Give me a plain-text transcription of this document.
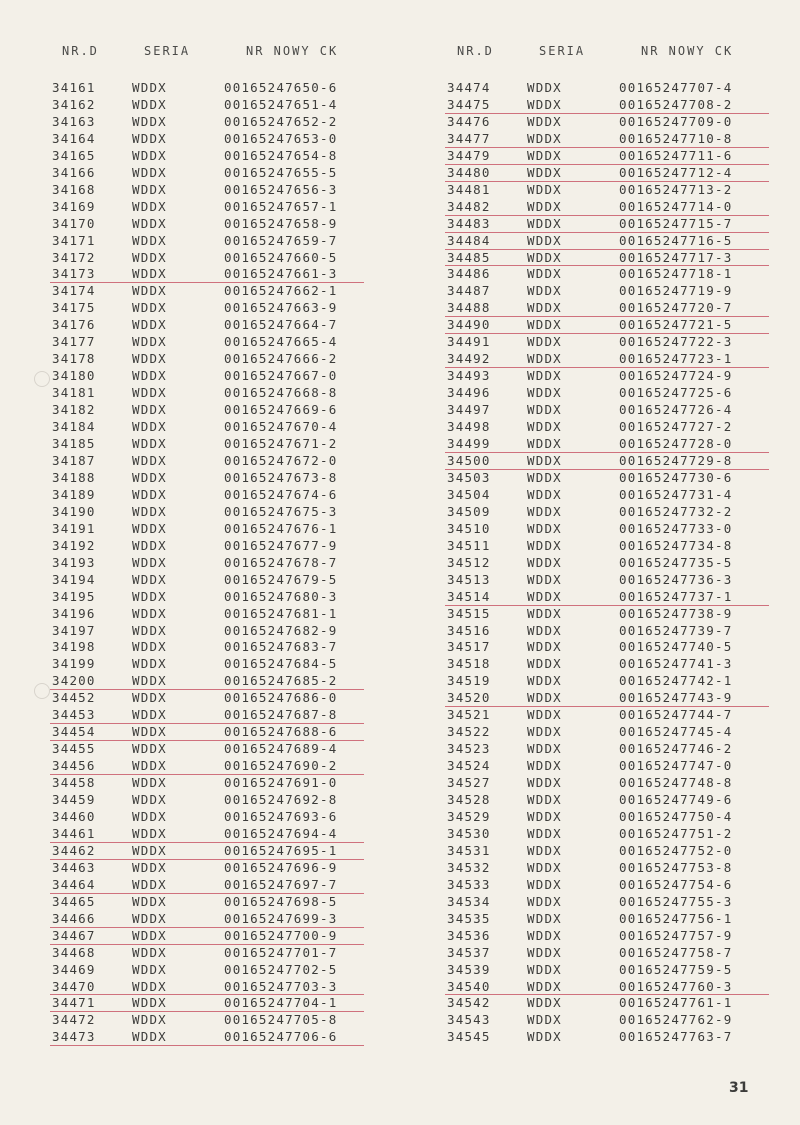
NR.D	SERIA	NR NOWY CK
34161	WDDX	00165247650-6
34162	WDDX	00165247651-4
34163	WDDX	00165247652-2
34164	WDDX	00165247653-0
34165	WDDX	00165247654-8
34166	WDDX	00165247655-5
34168	WDDX	00165247656-3
34169	WDDX	00165247657-1
34170	WDDX	00165247658-9
34171	WDDX	00165247659-7
34172	WDDX	00165247660-5
34173	WDDX	00165247661-3
34174	WDDX	00165247662-1
34175	WDDX	00165247663-9
34176	WDDX	00165247664-7
34177	WDDX	00165247665-4
34178	WDDX	00165247666-2
34180	WDDX	00165247667-0
34181	WDDX	00165247668-8
34182	WDDX	00165247669-6
34184	WDDX	00165247670-4
34185	WDDX	00165247671-2
34187	WDDX	00165247672-0
34188	WDDX	00165247673-8
34189	WDDX	00165247674-6
34190	WDDX	00165247675-3
34191	WDDX	00165247676-1
34192	WDDX	00165247677-9
34193	WDDX	00165247678-7
34194	WDDX	00165247679-5
34195	WDDX	00165247680-3
34196	WDDX	00165247681-1
34197	WDDX	00165247682-9
34198	WDDX	00165247683-7
34199	WDDX	00165247684-5
34200	WDDX	00165247685-2
34452	WDDX	00165247686-0
34453	WDDX	00165247687-8
34454	WDDX	00165247688-6
34455	WDDX	00165247689-4
34456	WDDX	00165247690-2
34458	WDDX	00165247691-0
34459	WDDX	00165247692-8
34460	WDDX	00165247693-6
34461	WDDX	00165247694-4
34462	WDDX	00165247695-1
34463	WDDX	00165247696-9
34464	WDDX	00165247697-7
34465	WDDX	00165247698-5
34466	WDDX	00165247699-3
34467	WDDX	00165247700-9
34468	WDDX	00165247701-7
34469	WDDX	00165247702-5
34470	WDDX	00165247703-3
34471	WDDX	00165247704-1
34472	WDDX	00165247705-8
34473	WDDX	00165247706-6
NR.D	SERIA	NR NOWY CK
34474	WDDX	00165247707-4
34475	WDDX	00165247708-2
34476	WDDX	00165247709-0
34477	WDDX	00165247710-8
34479	WDDX	00165247711-6
34480	WDDX	00165247712-4
34481	WDDX	00165247713-2
34482	WDDX	00165247714-0
34483	WDDX	00165247715-7
34484	WDDX	00165247716-5
34485	WDDX	00165247717-3
34486	WDDX	00165247718-1
34487	WDDX	00165247719-9
34488	WDDX	00165247720-7
34490	WDDX	00165247721-5
34491	WDDX	00165247722-3
34492	WDDX	00165247723-1
34493	WDDX	00165247724-9
34496	WDDX	00165247725-6
34497	WDDX	00165247726-4
34498	WDDX	00165247727-2
34499	WDDX	00165247728-0
34500	WDDX	00165247729-8
34503	WDDX	00165247730-6
34504	WDDX	00165247731-4
34509	WDDX	00165247732-2
34510	WDDX	00165247733-0
34511	WDDX	00165247734-8
34512	WDDX	00165247735-5
34513	WDDX	00165247736-3
34514	WDDX	00165247737-1
34515	WDDX	00165247738-9
34516	WDDX	00165247739-7
34517	WDDX	00165247740-5
34518	WDDX	00165247741-3
34519	WDDX	00165247742-1
34520	WDDX	00165247743-9
34521	WDDX	00165247744-7
34522	WDDX	00165247745-4
34523	WDDX	00165247746-2
34524	WDDX	00165247747-0
34527	WDDX	00165247748-8
34528	WDDX	00165247749-6
34529	WDDX	00165247750-4
34530	WDDX	00165247751-2
34531	WDDX	00165247752-0
34532	WDDX	00165247753-8
34533	WDDX	00165247754-6
34534	WDDX	00165247755-3
34535	WDDX	00165247756-1
34536	WDDX	00165247757-9
34537	WDDX	00165247758-7
34539	WDDX	00165247759-5
34540	WDDX	00165247760-3
34542	WDDX	00165247761-1
34543	WDDX	00165247762-9
34545	WDDX	00165247763-7
31
